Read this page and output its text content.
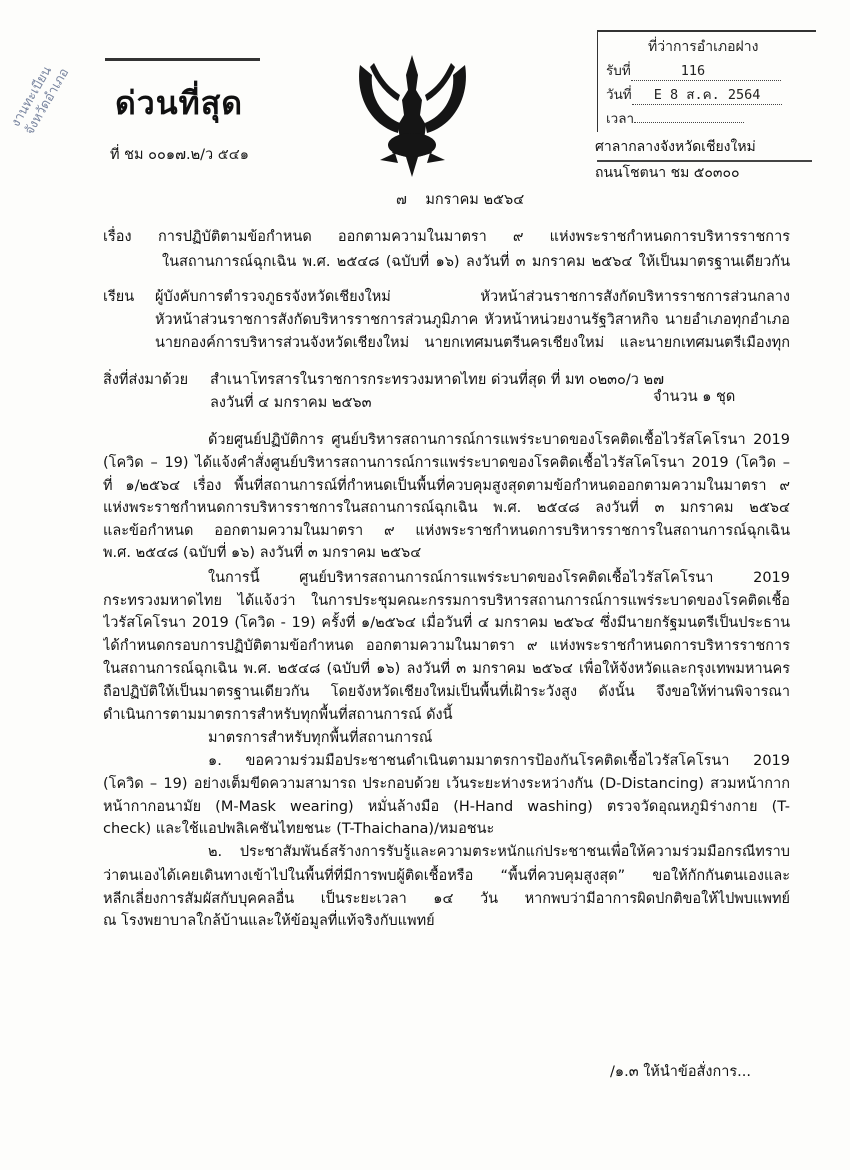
งานทะเบียนจังหวัดอำเภอ	ด่วนที่สุด
ที่ ชม ๐๐๑๗.๒/ว ๕๔๑
ที่ว่าการอำเภอฝาง
รับที่	116
วันที่ E 8 ส.ค. 2564
เวลา
ศาลากลางจังหวัดเชียงใหม่
ถนนโชตนา ชม ๕๐๓๐๐
๗ มกราคม ๒๕๖๔
เรื่อง การปฏิบัติตามข้อกำหนด ออกตามความในมาตรา ๙ แห่งพระราชกำหนดการบริหารราชการ
ในสถานการณ์ฉุกเฉิน พ.ศ. ๒๕๔๘ (ฉบับที่ ๑๖) ลงวันที่ ๓ มกราคม ๒๕๖๔ ให้เป็นมาตรฐานเดียวกัน
เรียน ผู้บังคับการตำรวจภูธรจังหวัดเชียงใหม่ หัวหน้าส่วนราชการสังกัดบริหารราชการส่วนกลาง
หัวหน้าส่วนราชการสังกัดบริหารราชการส่วนภูมิภาค หัวหน้าหน่วยงานรัฐวิสาหกิจ นายอำเภอทุกอำเภอ
นายกองค์การบริหารส่วนจังหวัดเชียงใหม่ นายกเทศมนตรีนครเชียงใหม่ และนายกเทศมนตรีเมืองทุก
สิ่งที่ส่งมาด้วย สำเนาโทรสารในราชการกระทรวงมหาดไทย ด่วนที่สุด ที่ มท ๐๒๓๐/ว ๒๗
ลงวันที่ ๔ มกราคม ๒๕๖๓	จำนวน ๑ ชุด
ด้วยศูนย์ปฏิบัติการ ศูนย์บริหารสถานการณ์การแพร่ระบาดของโรคติดเชื้อไวรัสโคโรนา 2019
(โควิด – 19) ได้แจ้งคำสั่งศูนย์บริหารสถานการณ์การแพร่ระบาดของโรคติดเชื้อไวรัสโคโรนา 2019 (โควิด –
ที่ ๑/๒๕๖๔ เรื่อง พื้นที่สถานการณ์ที่กำหนดเป็นพื้นที่ควบคุมสูงสุดตามข้อกำหนดออกตามความในมาตรา ๙
แห่งพระราชกำหนดการบริหารราชการในสถานการณ์ฉุกเฉิน พ.ศ. ๒๕๔๘ ลงวันที่ ๓ มกราคม ๒๕๖๔
และข้อกำหนด ออกตามความในมาตรา ๙ แห่งพระราชกำหนดการบริหารราชการในสถานการณ์ฉุกเฉิน
พ.ศ. ๒๕๔๘ (ฉบับที่ ๑๖) ลงวันที่ ๓ มกราคม ๒๕๖๔
ในการนี้ ศูนย์บริหารสถานการณ์การแพร่ระบาดของโรคติดเชื้อไวรัสโคโรนา 2019
กระทรวงมหาดไทย ได้แจ้งว่า ในการประชุมคณะกรรมการบริหารสถานการณ์การแพร่ระบาดของโรคติดเชื้อ
ไวรัสโคโรนา 2019 (โควิด - 19) ครั้งที่ ๑/๒๕๖๔ เมื่อวันที่ ๔ มกราคม ๒๕๖๔ ซึ่งมีนายกรัฐมนตรีเป็นประธาน
ได้กำหนดกรอบการปฏิบัติตามข้อกำหนด ออกตามความในมาตรา ๙ แห่งพระราชกำหนดการบริหารราชการ
ในสถานการณ์ฉุกเฉิน พ.ศ. ๒๕๔๘ (ฉบับที่ ๑๖) ลงวันที่ ๓ มกราคม ๒๕๖๔ เพื่อให้จังหวัดและกรุงเทพมหานคร
ถือปฏิบัติให้เป็นมาตรฐานเดียวกัน โดยจังหวัดเชียงใหม่เป็นพื้นที่เฝ้าระวังสูง ดังนั้น จึงขอให้ท่านพิจารณา
ดำเนินการตามมาตรการสำหรับทุกพื้นที่สถานการณ์ ดังนี้
มาตรการสำหรับทุกพื้นที่สถานการณ์
๑. ขอความร่วมมือประชาชนดำเนินตามมาตรการป้องกันโรคติดเชื้อไวรัสโคโรนา 2019
(โควิด – 19) อย่างเต็มขีดความสามารถ ประกอบด้วย เว้นระยะห่างระหว่างกัน (D-Distancing) สวมหน้ากาก
หน้ากากอนามัย (M-Mask wearing) หมั่นล้างมือ (H-Hand washing) ตรวจวัดอุณหภูมิร่างกาย (T-
check) และใช้แอปพลิเคชันไทยชนะ (T-Thaichana)/หมอชนะ
๒. ประชาสัมพันธ์สร้างการรับรู้และความตระหนักแก่ประชาชนเพื่อให้ความร่วมมือกรณีทราบ
ว่าตนเองได้เคยเดินทางเข้าไปในพื้นที่ที่มีการพบผู้ติดเชื้อหรือ “พื้นที่ควบคุมสูงสุด” ขอให้กักกันตนเองและ
หลีกเลี่ยงการสัมผัสกับบุคคลอื่น เป็นระยะเวลา ๑๔ วัน หากพบว่ามีอาการผิดปกติขอให้ไปพบแพทย์
ณ โรงพยาบาลใกล้บ้านและให้ข้อมูลที่แท้จริงกับแพทย์
/๑.๓ ให้นำข้อสั่งการ...
